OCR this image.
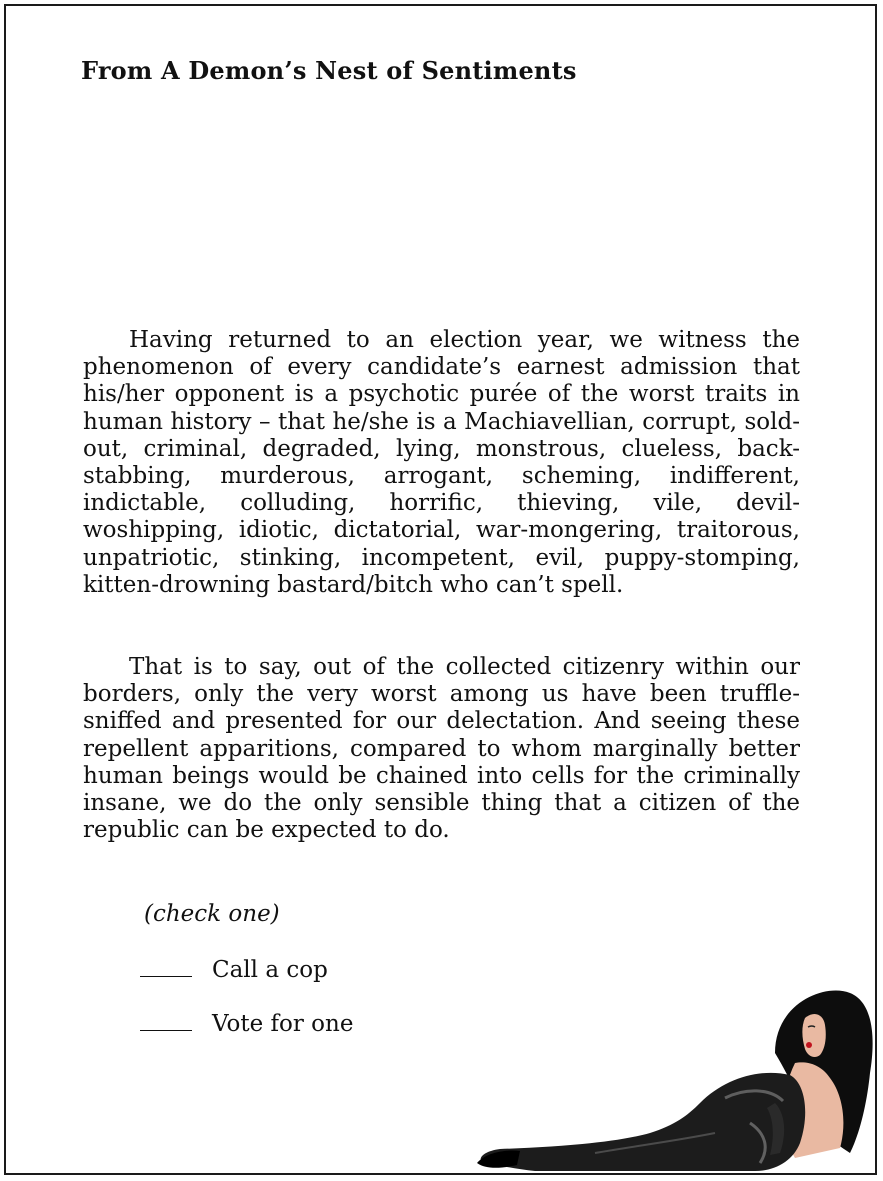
From A Demon’s Nest of Sentiments

Having returned to an election year, we witness the phenomenon of every candidate’s earnest admission that his/her opponent is a psychotic purée of the worst traits in human history – that he/she is a Machiavellian, corrupt, sold-out, criminal, degraded, lying, monstrous, clueless, back-stabbing, murderous, arrogant, scheming, indifferent, indictable, colluding, horrific, thieving, vile, devil-woshipping, idiotic, dictatorial, war-mongering, traitorous, unpatriotic, stinking, incompetent, evil, puppy-stomping, kitten-drowning bastard/bitch who can’t spell.

That is to say, out of the collected citizenry within our borders, only the very worst among us have been truffle-sniffed and presented for our delectation. And seeing these repellent apparitions, compared to whom marginally better human beings would be chained into cells for the criminally insane, we do the only sensible thing that a citizen of the republic can be expected to do.

(check one)
Call a cop
Vote for one
